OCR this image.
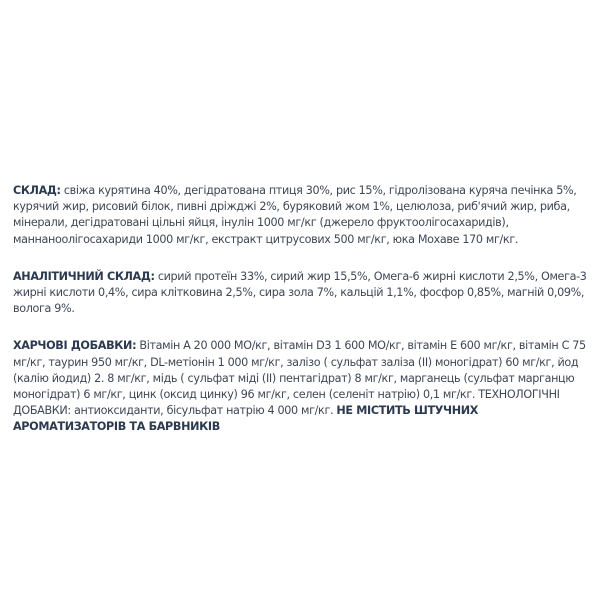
СКЛАД: свіжа курятина 40%, дегідратована птиця 30%, рис 15%, гідролізована куряча печінка 5%, курячий жир, рисовий білок, пивні дріжджі 2%, буряковий жом 1%, целюлоза, риб'ячий жир, риба, мінерали, дегідратовані цільні яйця, інулін 1000 мг/кг (джерело фруктоолігосахаридів), маннаноолігосахариди 1000 мг/кг, екстракт цитрусових 500 мг/кг, юка Мохаве 170 мг/кг.

АНАЛІТИЧНИЙ СКЛАД: сирий протеїн 33%, сирий жир 15,5%, Омега-6 жирні кислоти 2,5%, Омега-3 жирні кислоти 0,4%, сира клітковина 2,5%, сира зола 7%, кальцій 1,1%, фосфор 0,85%, магній 0,09%, волога 9%.

ХАРЧОВІ ДОБАВКИ: Вітамін А 20 000 МО/кг, вітамін D3 1 600 МО/кг, вітамін Е 600 мг/кг, вітамін С 75 мг/кг, таурин 950 мг/кг, DL-метіонін 1 000 мг/кг, залізо ( сульфат заліза (II) моногідрат) 60 мг/кг, йод (калію йодид) 2. 8 мг/кг, мідь ( сульфат міді (II) пентагідрат) 8 мг/кг, марганець (сульфат марганцю моногідрат) 6 мг/кг, цинк (оксид цинку) 96 мг/кг, селен (селеніт натрію) 0,1 мг/кг. ТЕХНОЛОГІЧНІ ДОБАВКИ: антиоксиданти, бісульфат натрію 4 000 мг/кг. НЕ МІСТИТЬ ШТУЧНИХ АРОМАТИЗАТОРІВ ТА БАРВНИКІВ
